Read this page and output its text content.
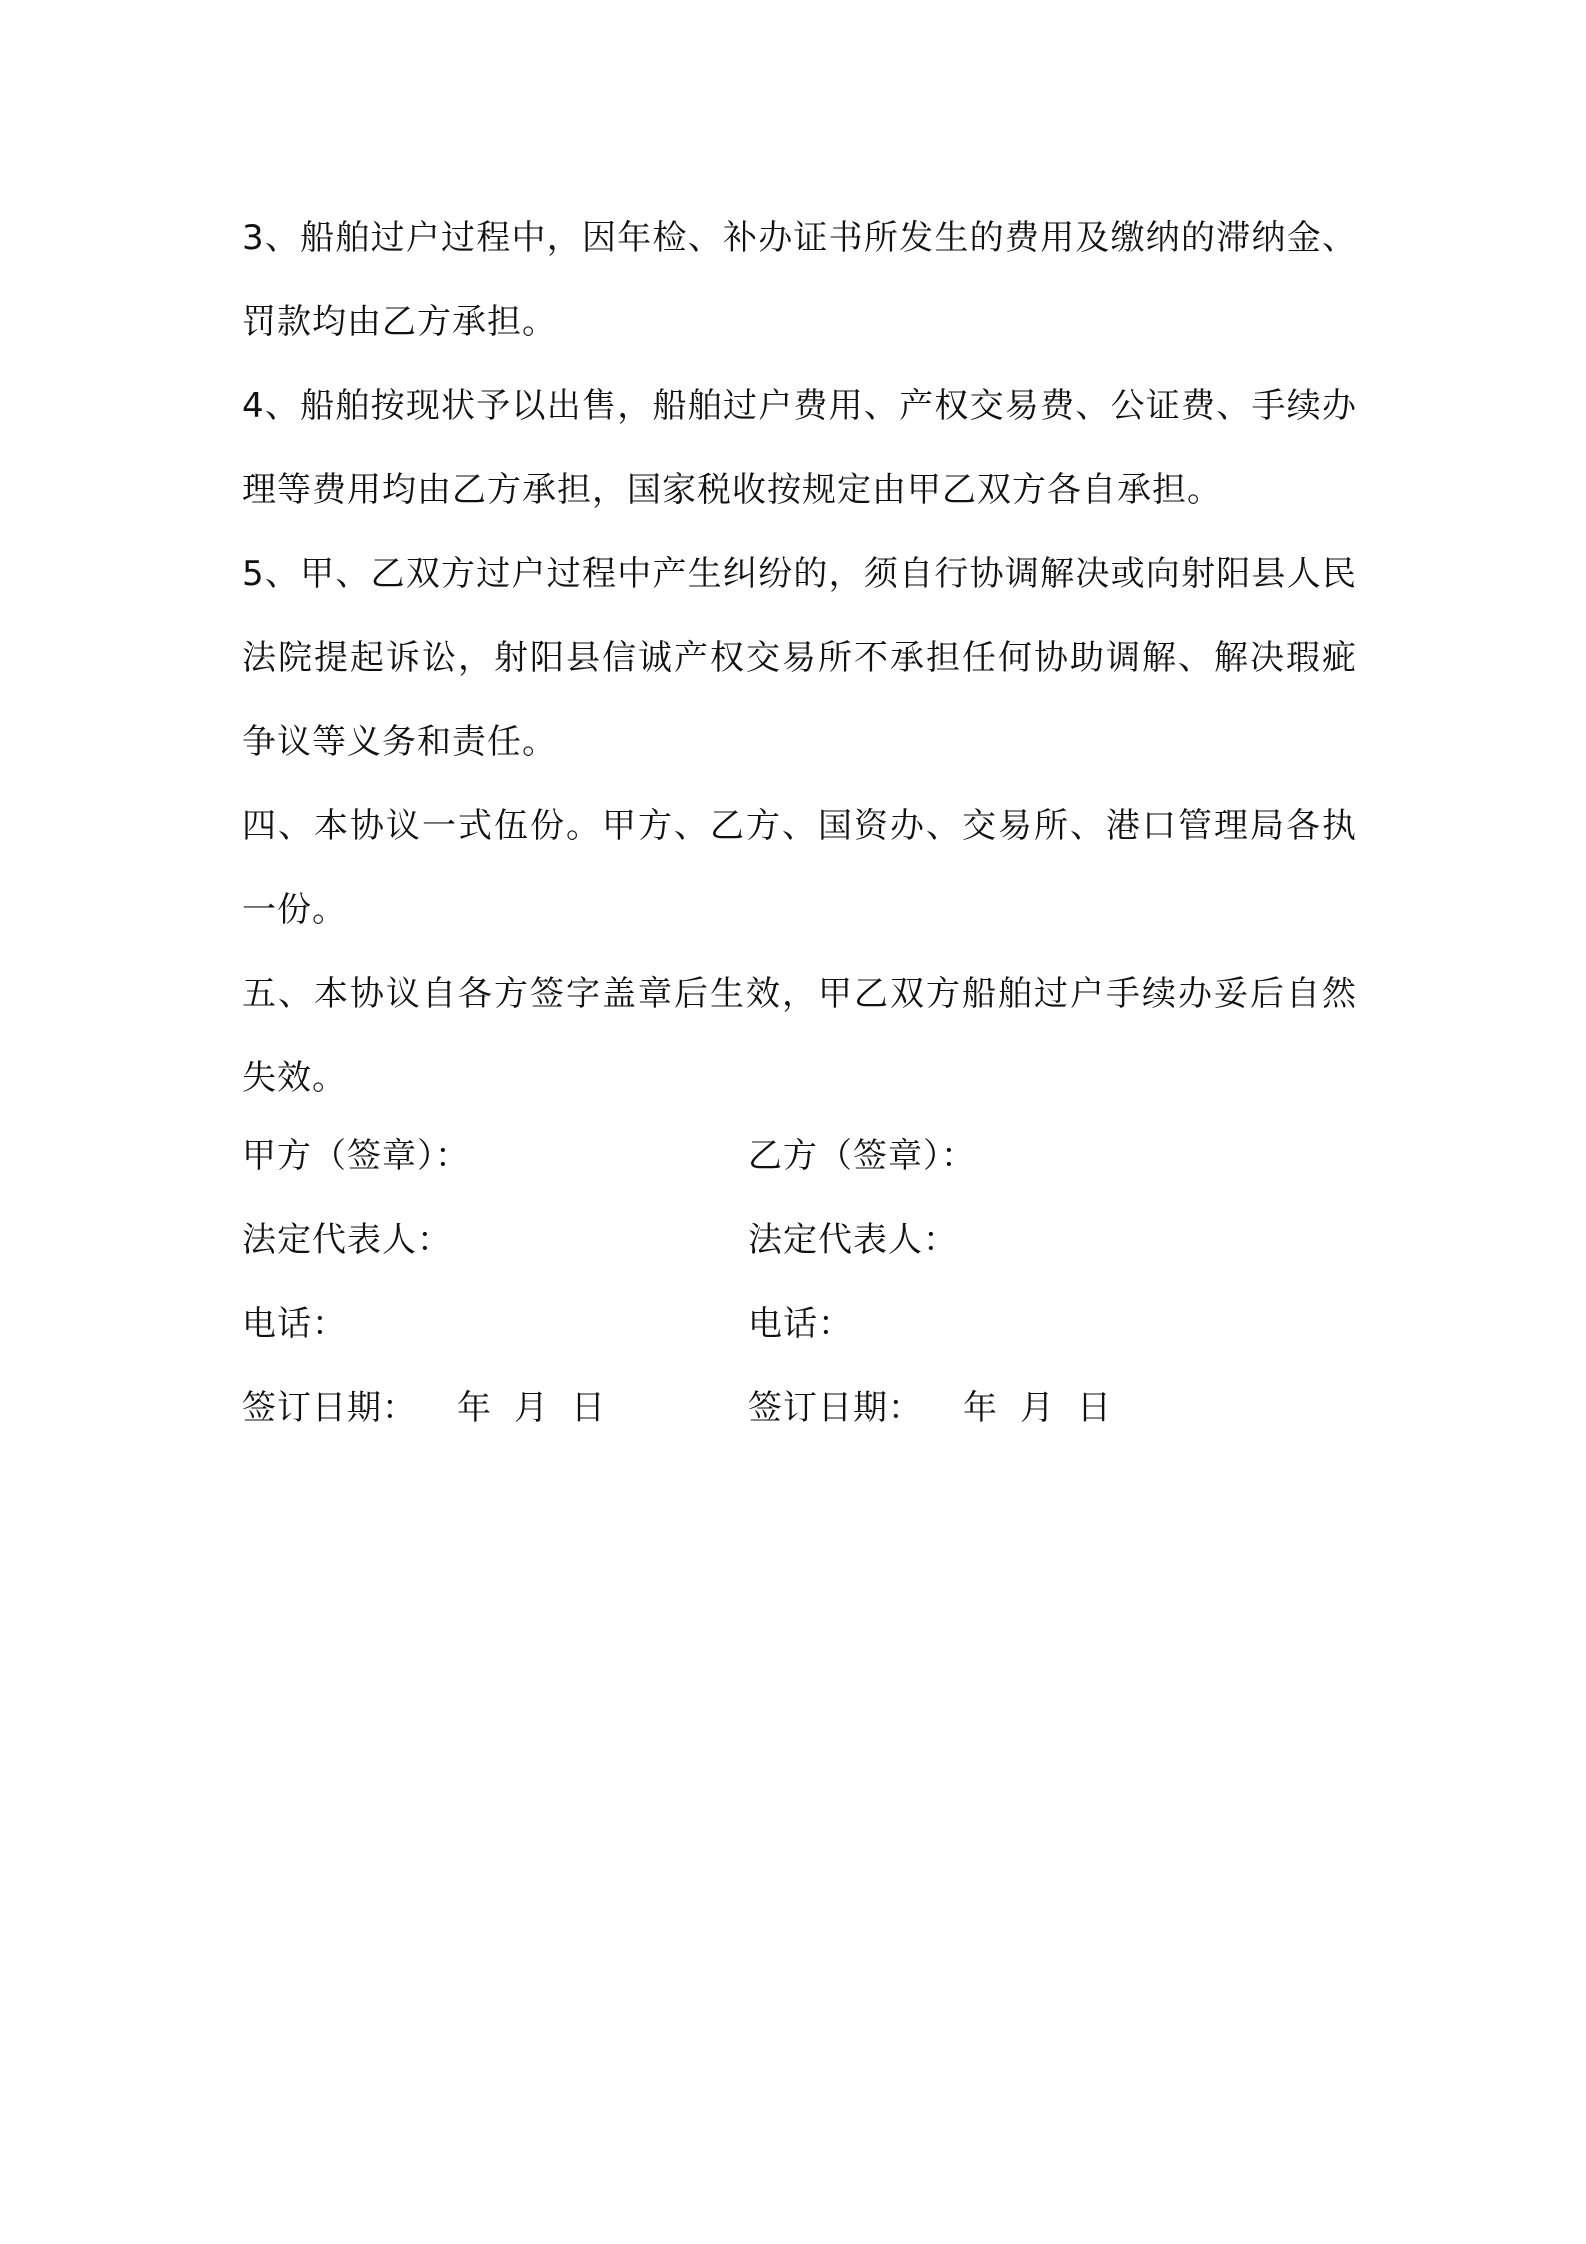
3、船舶过户过程中，因年检、补办证书所发生的费用及缴纳的滞纳金、罚款均由乙方承担。

4、船舶按现状予以出售，船舶过户费用、产权交易费、公证费、手续办理等费用均由乙方承担，国家税收按规定由甲乙双方各自承担。

5、甲、乙双方过户过程中产生纠纷的，须自行协调解决或向射阳县人民法院提起诉讼，射阳县信诚产权交易所不承担任何协助调解、解决瑕疵争议等义务和责任。

四、本协议一式伍份。甲方、乙方、国资办、交易所、港口管理局各执一份。

五、本协议自各方签字盖章后生效，甲乙双方船舶过户手续办妥后自然失效。

甲方（签章）：	乙方（签章）：
法定代表人：	法定代表人：
电话：	电话：
签订日期： 年 月 日	签订日期： 年 月 日
